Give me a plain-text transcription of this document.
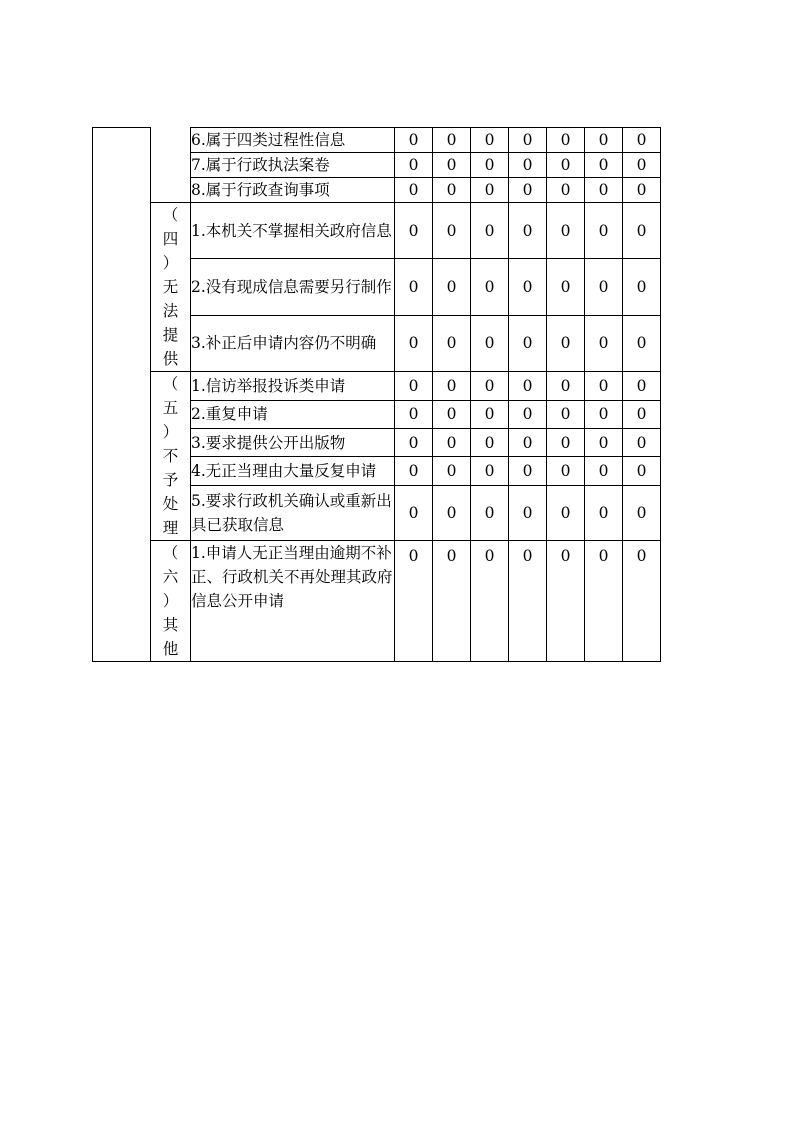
		6.属于四类过程性信息	0	0	0	0	0	0	0
		7.属于行政执法案卷	0	0	0	0	0	0	0
		8.属于行政查询事项	0	0	0	0	0	0	0

（
四
）
无
法
提
供
	1.本机关不掌握相关政府信息	0	0	0	0	0	0	0
		2.没有现成信息需要另行制作	0	0	0	0	0	0	0
		3.补正后申请内容仍不明确	0	0	0	0	0	0	0

（
五
）
不
予
处
理
	1.信访举报投诉类申请	0	0	0	0	0	0	0
		2.重复申请	0	0	0	0	0	0	0
		3.要求提供公开出版物	0	0	0	0	0	0	0
		4.无正当理由大量反复申请	0	0	0	0	0	0	0
		5.要求行政机关确认或重新出具已获取信息	0	0	0	0	0	0	0

	（
六
）
其
他	1.申请人无正当理由逾期不补正、行政机关不再处理其政府信息公开申请	0	0	0	0	0	0	0
